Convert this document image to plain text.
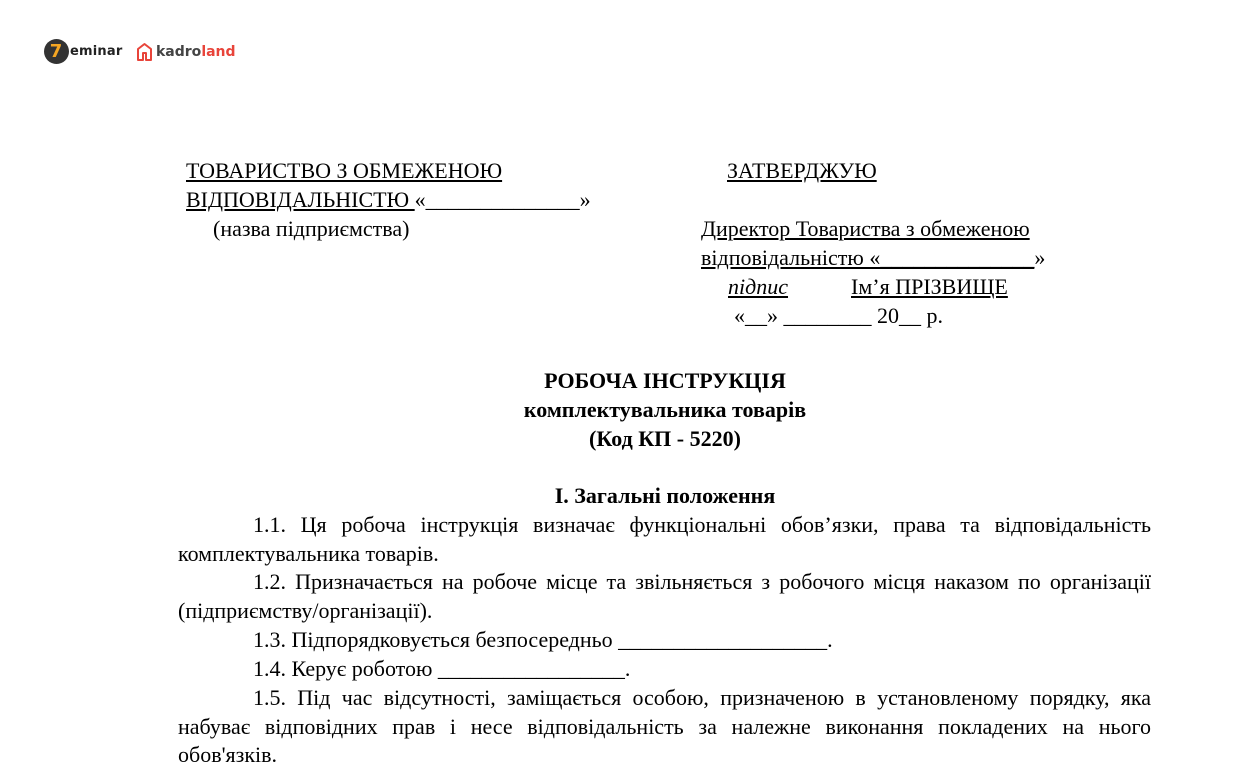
7 eminar kadroland
ТОВАРИСТВО З ОБМЕЖЕНОЮ
ВІДПОВІДАЛЬНІСТЮ «______________»
(назва підприємства)
ЗАТВЕРДЖУЮ
Директор Товариства з обмеженою
відповідальністю «______________»
підпис	Ім’я ПРІЗВИЩЕ
«__» ________ 20__ р.
РОБОЧА ІНСТРУКЦІЯ
комплектувальника товарів
(Код КП - 5220)
І. Загальні положення
1.1. Ця робоча інструкція визначає функціональні обов’язки, права та відповідальність комплектувальника товарів.
1.2. Призначається на робоче місце та звільняється з робочого місця наказом по організації (підприємству/організації).
1.3. Підпорядковується безпосередньо ___________________.
1.4. Керує роботою _________________.
1.5. Під час відсутності, заміщається особою, призначеною в установленому порядку, яка набуває відповідних прав і несе відповідальність за належне виконання покладених на нього обов'язків.
